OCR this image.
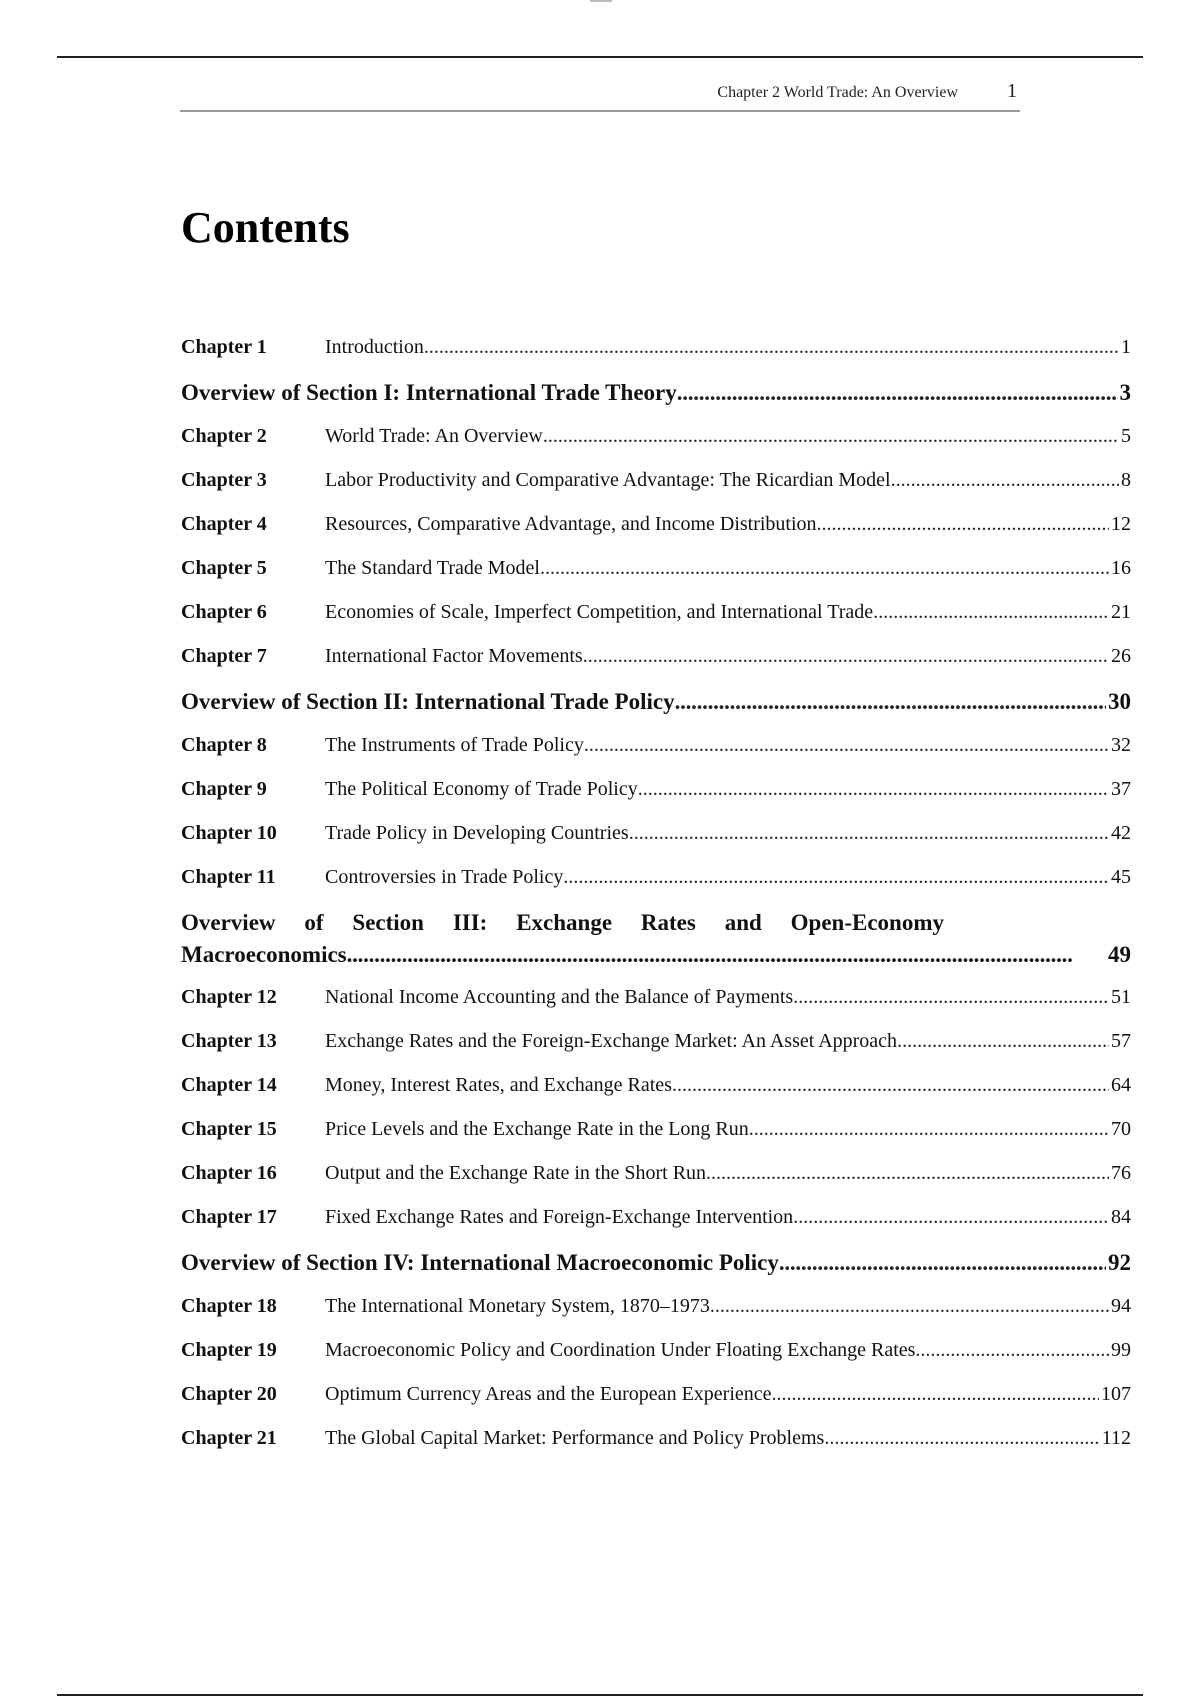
Chapter 2 World Trade: An Overview 1
Contents
Chapter 1	Introduction . . .	1
Overview of Section I: International Trade Theory . . .	3
Chapter 2	World Trade: An Overview . . .	5
Chapter 3	Labor Productivity and Comparative Advantage: The Ricardian Model . . .	8
Chapter 4	Resources, Comparative Advantage, and Income Distribution . . .	12
Chapter 5	The Standard Trade Model . . .	16
Chapter 6	Economies of Scale, Imperfect Competition, and International Trade . . .	21
Chapter 7	International Factor Movements . . .	26
Overview of Section II: International Trade Policy . . .	30
Chapter 8	The Instruments of Trade Policy . . .	32
Chapter 9	The Political Economy of Trade Policy . . .	37
Chapter 10	Trade Policy in Developing Countries . . .	42
Chapter 11	Controversies in Trade Policy . . .	45
Overview of Section III: Exchange Rates and Open-Economy
Macroeconomics . . .	49
Chapter 12	National Income Accounting and the Balance of Payments . . .	51
Chapter 13	Exchange Rates and the Foreign-Exchange Market: An Asset Approach . . .	57
Chapter 14	Money, Interest Rates, and Exchange Rates . . .	64
Chapter 15	Price Levels and the Exchange Rate in the Long Run . . .	70
Chapter 16	Output and the Exchange Rate in the Short Run . . .	76
Chapter 17	Fixed Exchange Rates and Foreign-Exchange Intervention . . .	84
Overview of Section IV: International Macroeconomic Policy . . .	92
Chapter 18	The International Monetary System, 1870–1973 . . .	94
Chapter 19	Macroeconomic Policy and Coordination Under Floating Exchange Rates . . .	99
Chapter 20	Optimum Currency Areas and the European Experience . . .	107
Chapter 21	The Global Capital Market: Performance and Policy Problems . . .	112
